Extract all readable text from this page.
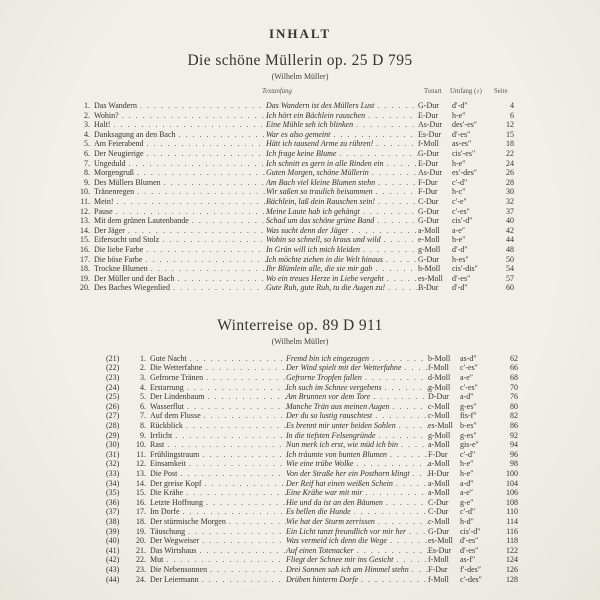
INHALT
Die schöne Müllerin op. 25 D 795
(Wilhelm Müller)
Textanfang	Tonart Umfang (♪) Seite
1. Das Wandern . . .	Das Wandern ist des Müllers Lust . . .	G-Dur	d′-d″	4
2. Wohin? . . .	Ich hört ein Bächlein rauschen . . .	E-Dur	h-e″	6
3. Halt! . . .	Eine Mühle seh ich blinken . . .	As-Dur	des′-es″	12
4. Danksagung an den Bach . . .	War es also gemeint . . .	Es-Dur	d′-es″	15
5. Am Feierabend . . .	Hätt ich tausend Arme zu rühren! . . .	f-Moll	as-es″	18
6. Der Neugierige . . .	Ich frage keine Blume . . .	G-Dur	cis′-es″	22
7. Ungeduld . . .	Ich schnitt es gern in alle Rinden ein . . .	E-Dur	h-e″	24
8. Morgengruß . . .	Guten Morgen, schöne Müllerin . . .	As-Dur	es′-des″	26
9. Des Müllers Blumen . . .	Am Bach viel kleine Blumen stehn . . .	F-Dur	c′-d″	28
10. Tränenregen . . .	Wir saßen so traulich beisammen . . .	F-Dur	h-c″	30
11. Mein! . . .	Bächlein, laß dein Rauschen sein! . . .	C-Dur	c′-e″	32
12. Pause . . .	Meine Laute hab ich gehängt . . .	G-Dur	c′-es″	37
13. Mit dem grünen Lautenbande . . .	Schad um das schöne grüne Band . . .	G-Dur	cis′-d″	40
14. Der Jäger . . .	Was sucht denn der Jäger . . .	a-Moll	a-e″	42
15. Eifersucht und Stolz . . .	Wohin so schnell, so kraus und wild . . .	e-Moll	h-e″	44
16. Die liebe Farbe . . .	In Grün will ich mich kleiden . . .	g-Moll	d′-d″	48
17. Die böse Farbe . . .	Ich möchte ziehen in die Welt hinaus . . .	G-Dur	h-es″	50
18. Trockne Blumen . . .	Ihr Blümlein alle, die sie mir gab . . .	h-Moll	cis′-dis″	54
19. Der Müller und der Bach . . .	Wo ein treues Herze in Liebe vergeht . . .	es-Moll	d′-es″	57
20. Des Baches Wiegenlied . . .	Gute Ruh, gute Ruh, tu die Augen zu! . . .	B-Dur	d′-d″	60
Winterreise op. 89 D 911
(Wilhelm Müller)
(21)	1. Gute Nacht . . .	Fremd bin ich eingezogen . . .	b-Moll	as-d″	62
(22)	2. Die Wetterfahne . . .	Der Wind spielt mit der Wetterfahne . . .	f-Moll	c′-es″	66
(23)	3. Gefrorne Tränen . . .	Gefrorne Tropfen fallen . . .	d-Moll	a-e″	68
(24)	4. Erstarrung . . .	Ich such im Schnee vergebens . . .	g-Moll	c′-es″	70
(25)	5. Der Lindenbaum . . .	Am Brunnen vor dem Tore . . .	D-Dur	a-d″	76
(26)	6. Wasserflut . . .	Manche Trän aus meinen Augen . . .	c-Moll	g-es″	80
(27)	7. Auf dem Flusse . . .	Der du so lustig rauschtest . . .	c-Moll	fis-f″	82
(28)	8. Rückblick . . .	Es brennt mir unter beiden Sohlen . . .	es-Moll b-es″	86
(29)	9. Irrlicht . . .	In die tiefsten Felsengründe . . .	g-Moll	g-es″	92
(30)	10. Rast . . .	Nun merk ich erst, wie müd ich bin . . .	a-Moll	gis-e″	94
(31)	11. Frühlingstraum . . .	Ich träumte von bunten Blumen . . .	F-Dur	c′-d″	96
(32)	12. Einsamkeit . . .	Wie eine trübe Wolke . . .	a-Moll	h-e″	98
(33)	13. Die Post . . .	Von der Straße her ein Posthorn klingt . . . H-Dur	h-e″	100
(34)	14. Der greise Kopf . . .	Der Reif hat einen weißen Schein . . .	a-Moll	a-d″	104
(35)	15. Die Krähe . . .	Eine Krähe war mit mir . . .	a-Moll	a-e″	106
(36)	16. Letzte Hoffnung . . .	Hie und da ist an den Bäumen . . .	C-Dur	g-e″	108
(37)	17. Im Dorfe . . .	Es bellen die Hunde . . .	C-Dur	c′-d″	110
(38)	18. Der stürmische Morgen . . .	Wie hat der Sturm zerrissen . . .	c-Moll	h-d″	114
(39)	19. Täuschung . . .	Ein Licht tanzt freundlich vor mir her . . .	G-Dur	cis′-d″	116
(40)	20. Der Wegweiser . . .	Was vermeid ich denn die Wege . . .	es-Moll d′-es″	118
(41)	21. Das Wirtshaus . . .	Auf einen Totenacker . . .	Es-Dur	d′-es″	122
(42)	22. Mut . . .	Fliegt der Schnee mir ins Gesicht . . .	f-Moll	as-f″	124
(43)	23. Die Nebensonnen . . .	Drei Sonnen sah ich am Himmel stehn . . . F-Dur	f′-des″	126
(44)	24. Der Leiermann . . .	Drüben hinterm Dorfe . . .	f-Moll	c′-des″	128
